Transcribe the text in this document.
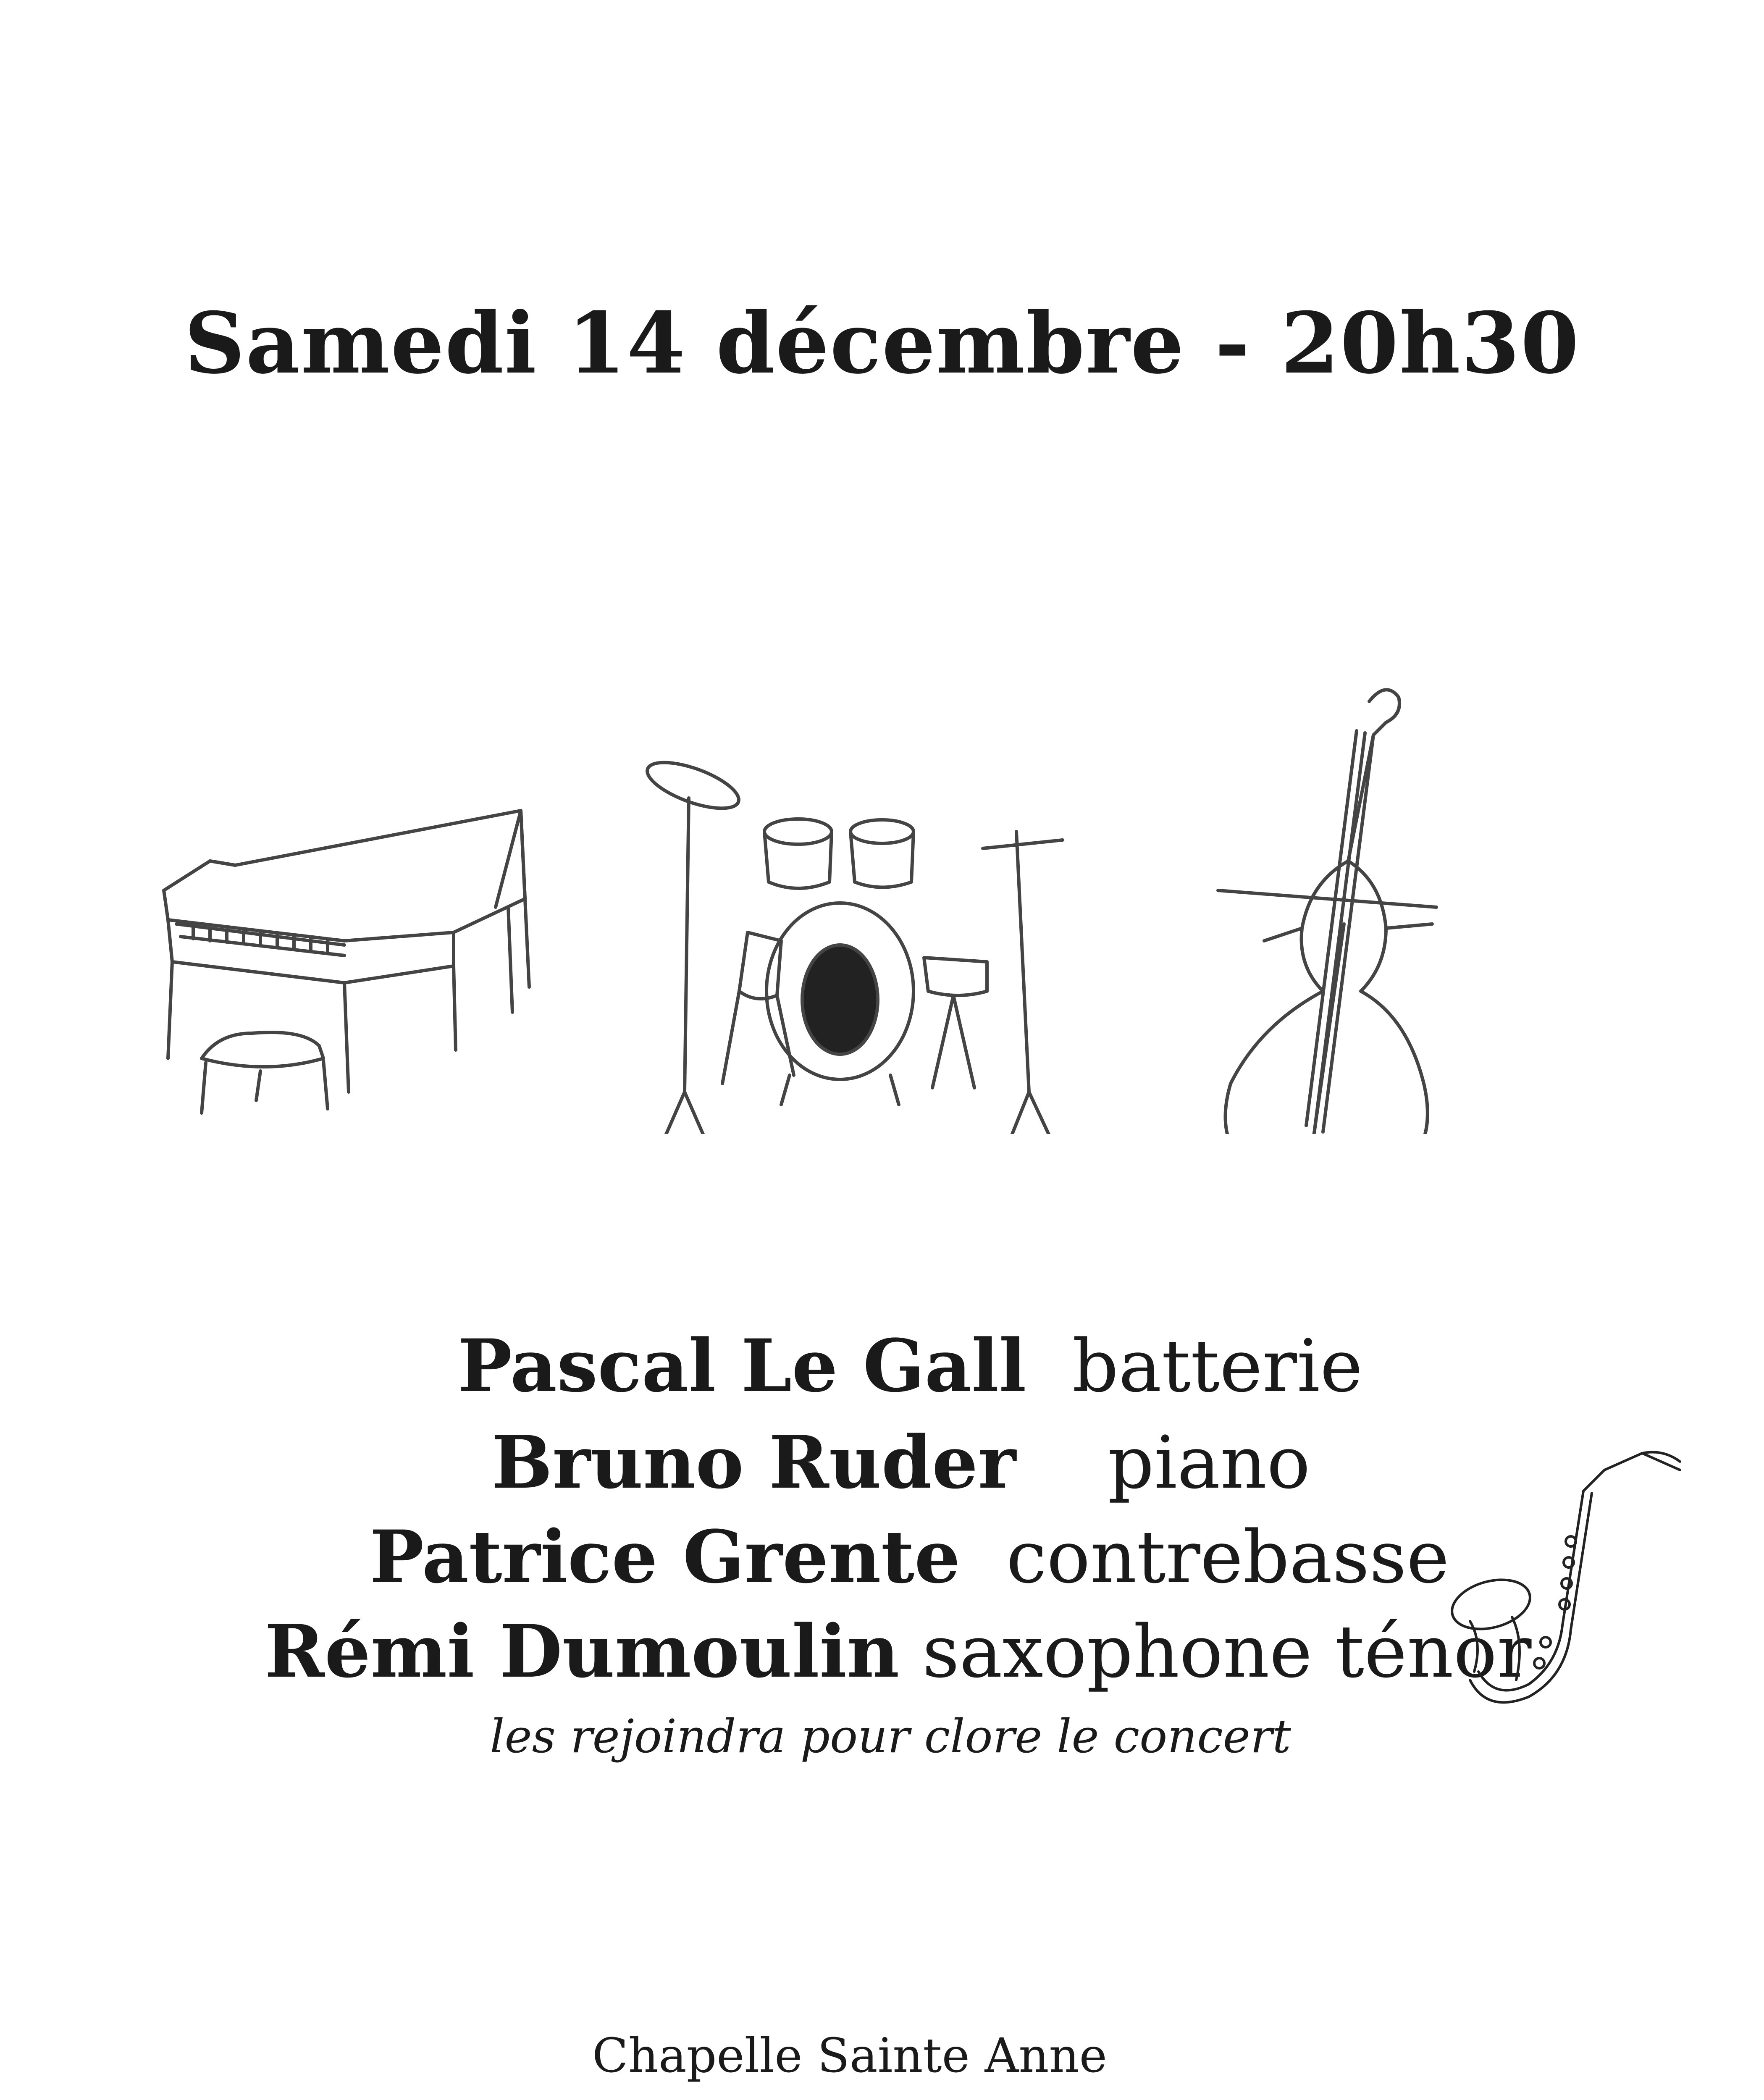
Samedi 14 décembre - 20h30
Pascal Le Gall batterie
Bruno Ruder piano
Patrice Grente contrebasse
Rémi Dumoulin saxophone ténor
les rejoindra pour clore le concert
Chapelle Sainte Anne
